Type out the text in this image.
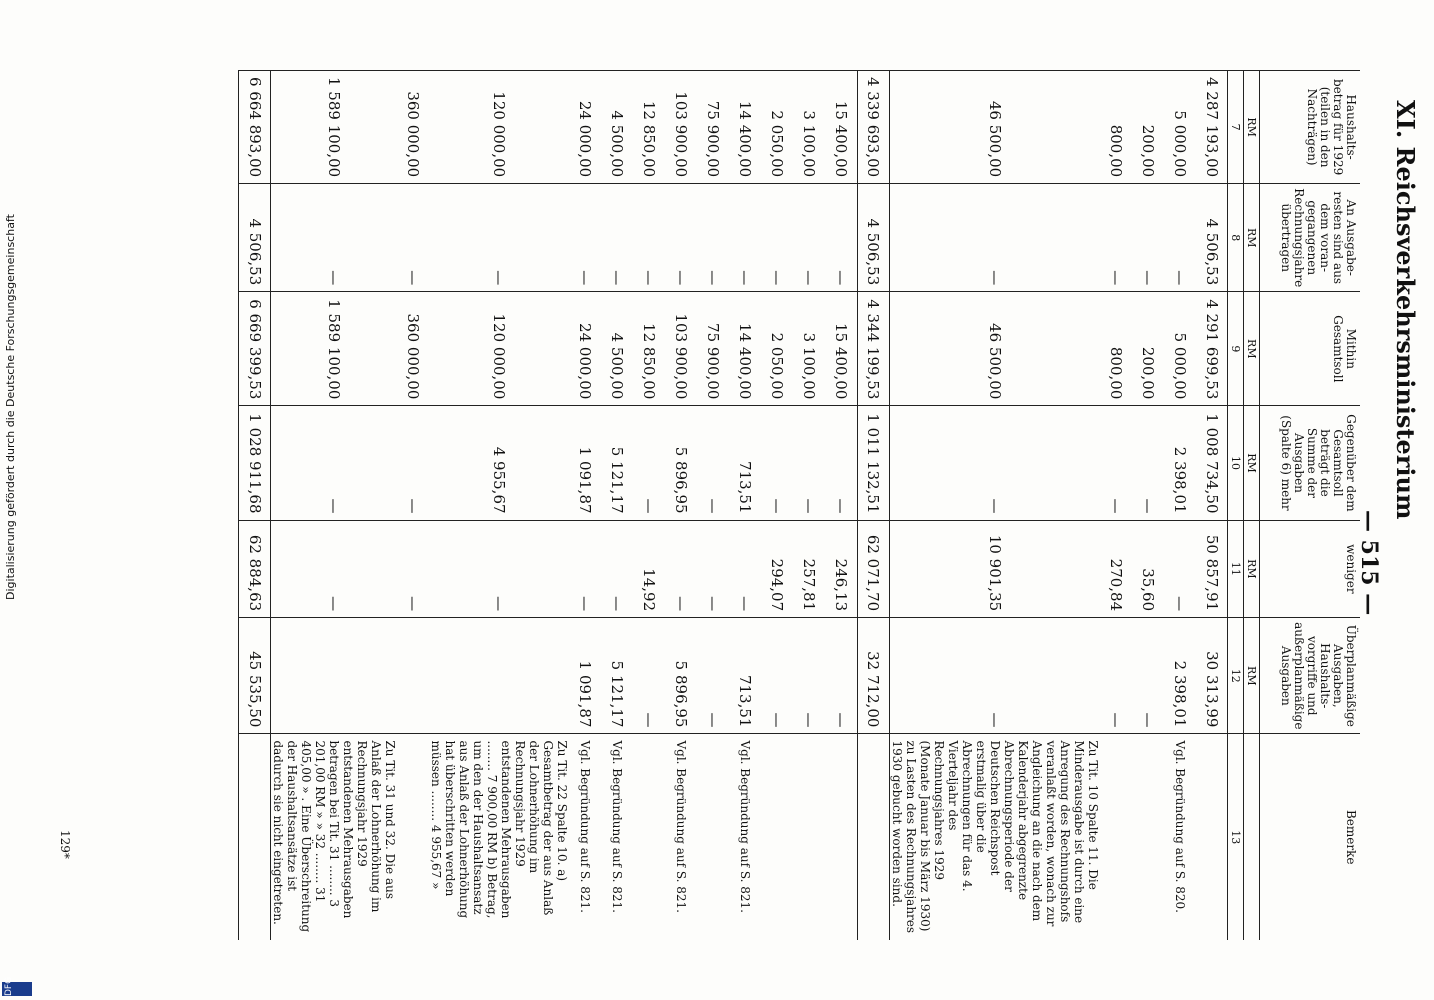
Digitalisierung gefördert durch die Deutsche Forschungsgemeinschaft
DFG
129*
XI. Reichsverkehrsministerium
— 515 —
Haushalts-betrag für 1929 (teilen in den Nachträgen)	An Ausgabe-resten sind aus dem voran-gegangenen Rechnungsjahre übertragen	Mithin Gesamtsoll	Gegenüber dem Gesamtsoll beträgt die Summe der Ausgaben (Spalte 6) mehr	weniger	Überplanmäßige Ausgaben, Haushalts-vorgriffe und außerplanmäßige Ausgaben	Bemerke
RM	RM	RM	RM	RM	RM	
7	8	9	10	11	12	13
4 287 193,00	4 506,53	4 291 699,53	1 008 734,50	50 857,91	30 313,99	
5 000,00	—	5 000,00	2 398,01	—	2 398,01	Vgl. Begründung auf S. 820.
200,00	—	200,00	—	35,60	—	
800,00	—	800,00	—	270,84	—	
46 500,00	—	46 500,00	—	10 901,35	—	Zu Tit. 10 Spalte 11. Die Minderausgabe ist durch eine Anregung des Rechnungshofs veranlaßt worden, wonach zur Angleichung an die nach dem Kalenderjahr abgegrenzte Abrechnungsperiode der Deutschen Reichspost erstmalig über die Abrechnungen für das 4. Vierteljahr des Rechnungsjahres 1929 (Monate Januar bis März 1930) zu Lasten des Rechnungsjahres 1930 gebucht worden sind.
4 339 693,00	4 506,53	4 344 199,53	1 011 132,51	62 071,70	32 712,00	
15 400,00	—	15 400,00	—	246,13	—	
3 100,00	—	3 100,00	—	257,81	—	
2 050,00	—	2 050,00	—	294,07	—	
14 400,00	—	14 400,00	713,51	—	713,51	Vgl. Begründung auf S. 821.
75 900,00	—	75 900,00	—	—	—	
103 900,00	—	103 900,00	5 896,95	—	5 896,95	Vgl. Begründung auf S. 821.
12 850,00	—	12 850,00	—	14,92	—	
4 500,00	—	4 500,00	5 121,17	—	5 121,17	Vgl. Begründung auf S. 821.
24 000,00	—	24 000,00	1 091,87	—	1 091,87	Vgl. Begründung auf S. 821.
120 000,00	—	120 000,00	4 955,67	—		Zu Tit. 22 Spalte 10. a) Gesamtbetrag der aus Anlaß der Lohnerhöhung im Rechnungsjahr 1929 entstandenen Mehrausgaben ........ 7 900,00 RM b) Betrag, um den der Haushaltsansatz aus Anlaß der Lohnerhöhung hat überschritten werden müssen ........ 4 955,67 »
360 000,00	—	360 000,00	—	—		
1 589 100,00	—	1 589 100,00	—	—		Zu Tit. 31 und 32. Die aus Anlaß der Lohnerhöhung im Rechnungsjahr 1929 entstandenen Mehrausgaben betragen bei Tit. 31 ........ 3 201,00 RM » » 32 ........ 31 405,00 » . Eine Überschreitung der Haushaltsansätze ist dadurch sie nicht eingetreten.
6 664 893,00	4 506,53	6 669 399,53	1 028 911,68	62 884,63	45 535,50	
